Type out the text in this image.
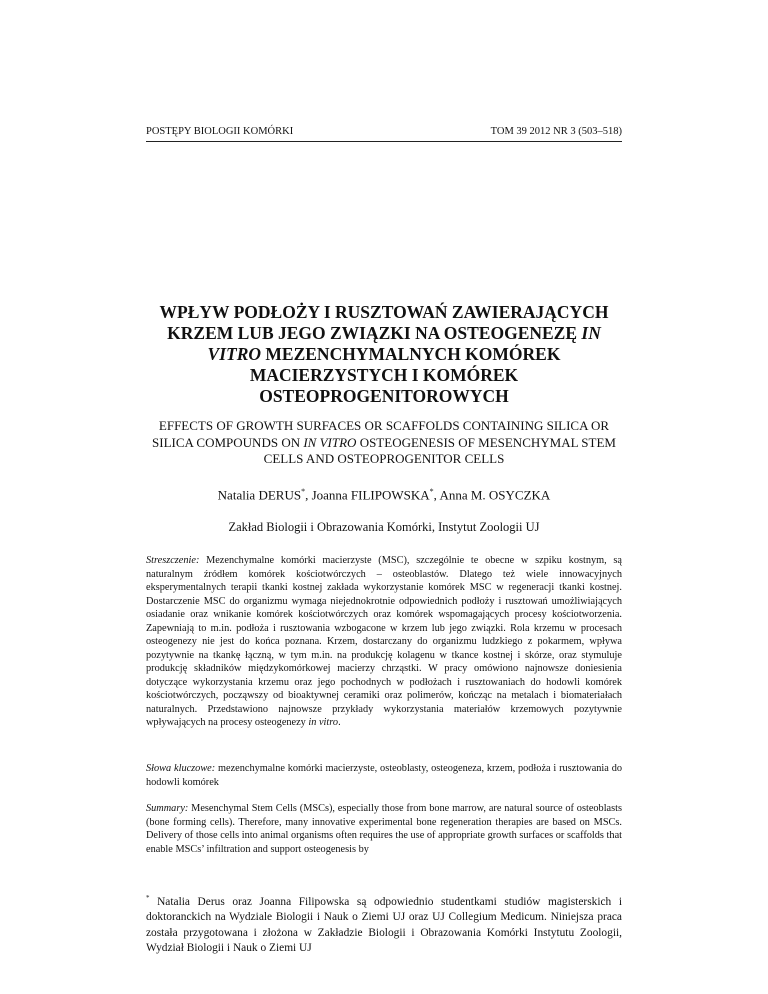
POSTĘPY BIOLOGII KOMÓRKI	TOM 39 2012 NR 3 (503–518)
WPŁYW PODŁOŻY I RUSZTOWAŃ ZAWIERAJĄCYCH KRZEM LUB JEGO ZWIĄZKI NA OSTEOGENEZĘ IN VITRO MEZENCHYMALNYCH KOMÓREK MACIERZYSTYCH I KOMÓREK OSTEOPROGENITOROWYCH
EFFECTS OF GROWTH SURFACES OR SCAFFOLDS CONTAINING SILICA OR SILICA COMPOUNDS ON IN VITRO OSTEOGENESIS OF MESENCHYMAL STEM CELLS AND OSTEOPROGENITOR CELLS
Natalia DERUS*, Joanna FILIPOWSKA*, Anna M. OSYCZKA
Zakład Biologii i Obrazowania Komórki, Instytut Zoologii UJ
Streszczenie: Mezenchymalne komórki macierzyste (MSC), szczególnie te obecne w szpiku kostnym, są naturalnym źródłem komórek kościotwórczych – osteoblastów. Dlatego też wiele innowacyjnych eksperymentalnych terapii tkanki kostnej zakłada wykorzystanie komórek MSC w regeneracji tkanki kostnej. Dostarczenie MSC do organizmu wymaga niejednokrotnie odpowiednich podłoży i rusztowań umożliwiających osiadanie oraz wnikanie komórek kościotwórczych oraz komórek wspomagających procesy kościotworzenia. Zapewniają to m.in. podłoża i rusztowania wzbogacone w krzem lub jego związki. Rola krzemu w procesach osteogenezy nie jest do końca poznana. Krzem, dostarczany do organizmu ludzkiego z pokarmem, wpływa pozytywnie na tkankę łączną, w tym m.in. na produkcję kolagenu w tkance kostnej i skórze, oraz stymuluje produkcję składników międzykomórkowej macierzy chrząstki. W pracy omówiono najnowsze doniesienia dotyczące wykorzystania krzemu oraz jego pochodnych w podłożach i rusztowaniach do hodowli komórek kościotwórczych, począwszy od bioaktywnej ceramiki oraz polimerów, kończąc na metalach i biomateriałach naturalnych. Przedstawiono najnowsze przykłady wykorzystania materiałów krzemowych pozytywnie wpływających na procesy osteogenezy in vitro.
Słowa kluczowe: mezenchymalne komórki macierzyste, osteoblasty, osteogeneza, krzem, podłoża i rusztowania do hodowli komórek
Summary: Mesenchymal Stem Cells (MSCs), especially those from bone marrow, are natural source of osteoblasts (bone forming cells). Therefore, many innovative experimental bone regeneration therapies are based on MSCs. Delivery of those cells into animal organisms often requires the use of appropriate growth surfaces or scaffolds that enable MSCs’ infiltration and support osteogenesis by
* Natalia Derus oraz Joanna Filipowska są odpowiednio studentkami studiów magisterskich i doktoranckich na Wydziale Biologii i Nauk o Ziemi UJ oraz UJ Collegium Medicum. Niniejsza praca została przygotowana i złożona w Zakładzie Biologii i Obrazowania Komórki Instytutu Zoologii, Wydział Biologii i Nauk o Ziemi UJ
